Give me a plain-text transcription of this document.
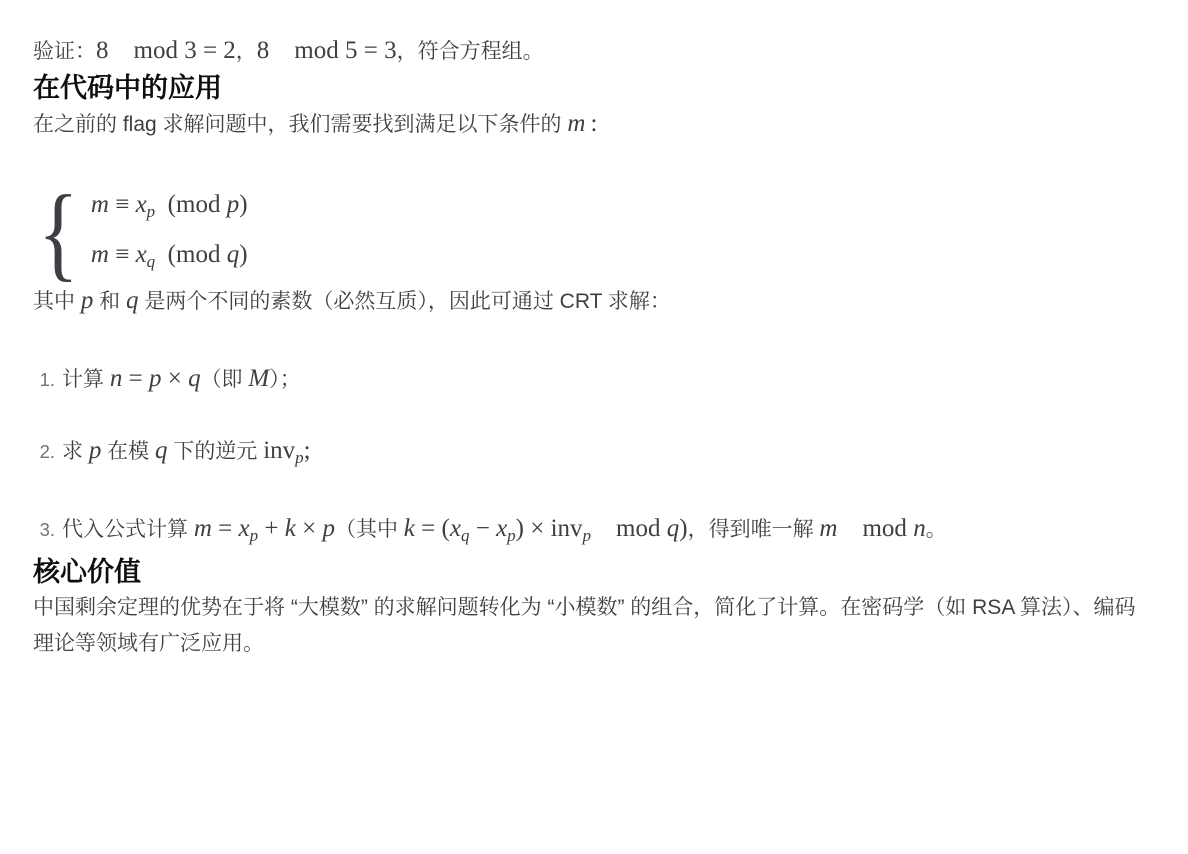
验证：8 mod 3 = 2，8 mod 5 = 3，符合方程组。

在代码中的应用

在之前的 flag 求解问题中，我们需要找到满足以下条件的 m :

{ $m \equiv x_p$ (mod p)
$m \equiv x_q$ (mod q)

其中 p 和 q 是两个不同的素数（必然互质），因此可通过 CRT 求解：

1. 计算 n = p × q（即 M）；
2. 求 p 在模 q 下的逆元 inv$_p$;
3. 代入公式计算 $m = x_p + k \times p$（其中 $k = (x_q - x_p) \times inv_p$ mod q)，得到唯一解 m mod n。
核心价值

中国剩余定理的优势在于将 “大模数” 的求解问题转化为 “小模数” 的组合，简化了计算。在密码学（如 RSA 算法）、编码理论等领域有广泛应用。
